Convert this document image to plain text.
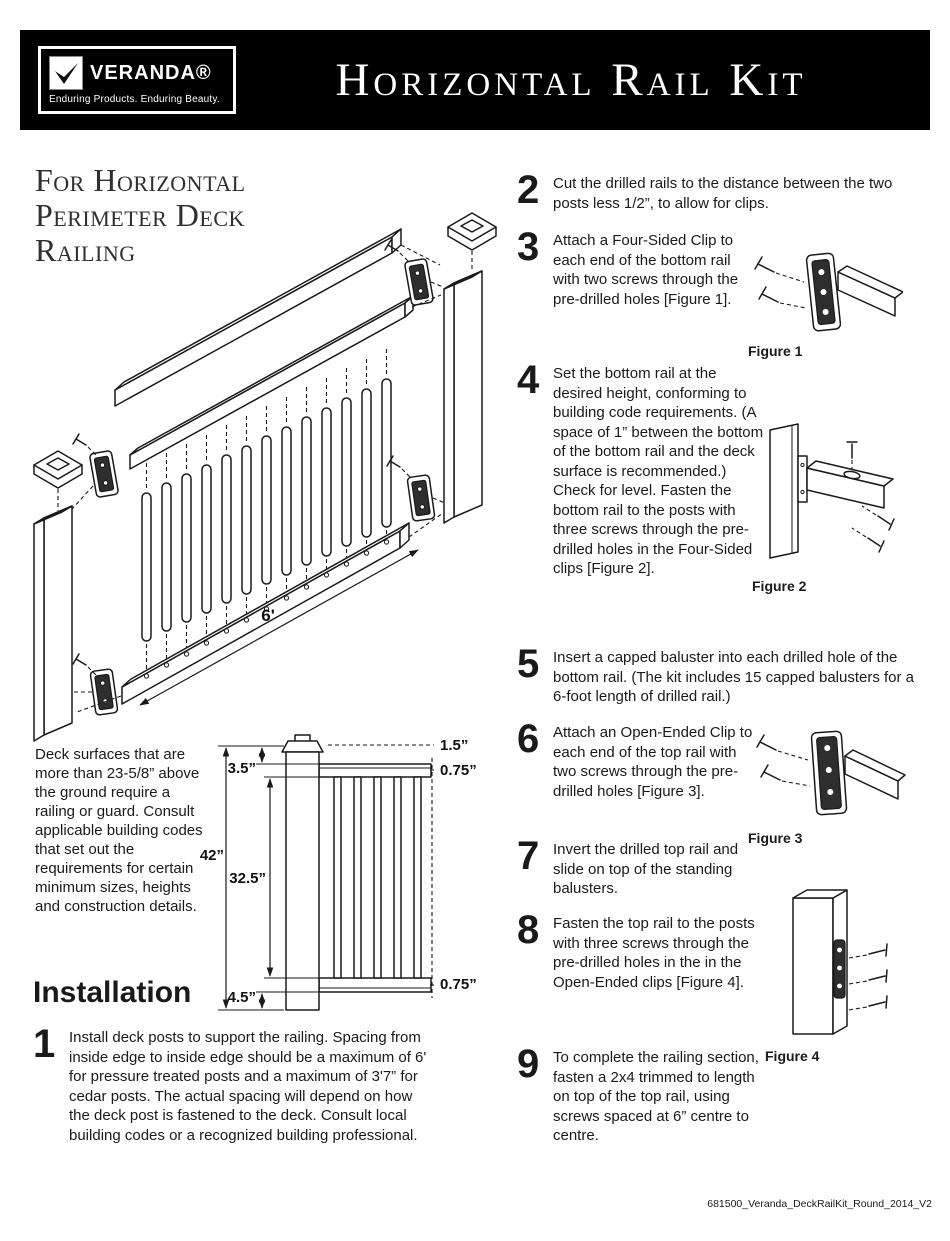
VERANDA®
Enduring Products. Enduring Beauty.	Horizontal Rail Kit
For Horizontal Perimeter Deck Railing
6'

Deck surfaces that are more than 23-5/8” above the ground require a railing or guard. Consult applicable building codes that set out the requirements for certain minimum sizes, heights and construction details.

3.5”
42”
32.5”
4.5”
1.5”
0.75”
0.75”
Installation
1 Install deck posts to support the railing. Spacing from inside edge to inside edge should be a maximum of 6' for pressure treated posts and a maximum of 3'7” for cedar posts. The actual spacing will depend on how the deck post is fastened to the deck. Consult local building codes or a recognized building professional.

2 Cut the drilled rails to the distance between the two posts less 1/2”, to allow for clips.

3 Attach a Four-Sided Clip to each end of the bottom rail with two screws through the pre-drilled holes [Figure 1].

4 Set the bottom rail at the desired height, conforming to building code requirements. (A space of 1” between the bottom of the bottom rail and the deck surface is recommended.) Check for level. Fasten the bottom rail to the posts with three screws through the pre-drilled holes in the Four-Sided clips [Figure 2].

5 Insert a capped baluster into each drilled hole of the bottom rail. (The kit includes 15 capped balusters for a 6-foot length of drilled rail.)

6 Attach an Open-Ended Clip to each end of the top rail with two screws through the pre-drilled holes [Figure 3].

7 Invert the drilled top rail and slide on top of the standing balusters.

8 Fasten the top rail to the posts with three screws through the pre-drilled holes in the in the Open-Ended clips [Figure 4].

9 To complete the railing section, fasten a 2x4 trimmed to length on top of the top rail, using screws spaced at 6” centre to centre.

Figure 1
Figure 2
Figure 3
Figure 4
681500_Veranda_DeckRailKit_Round_2014_V2
